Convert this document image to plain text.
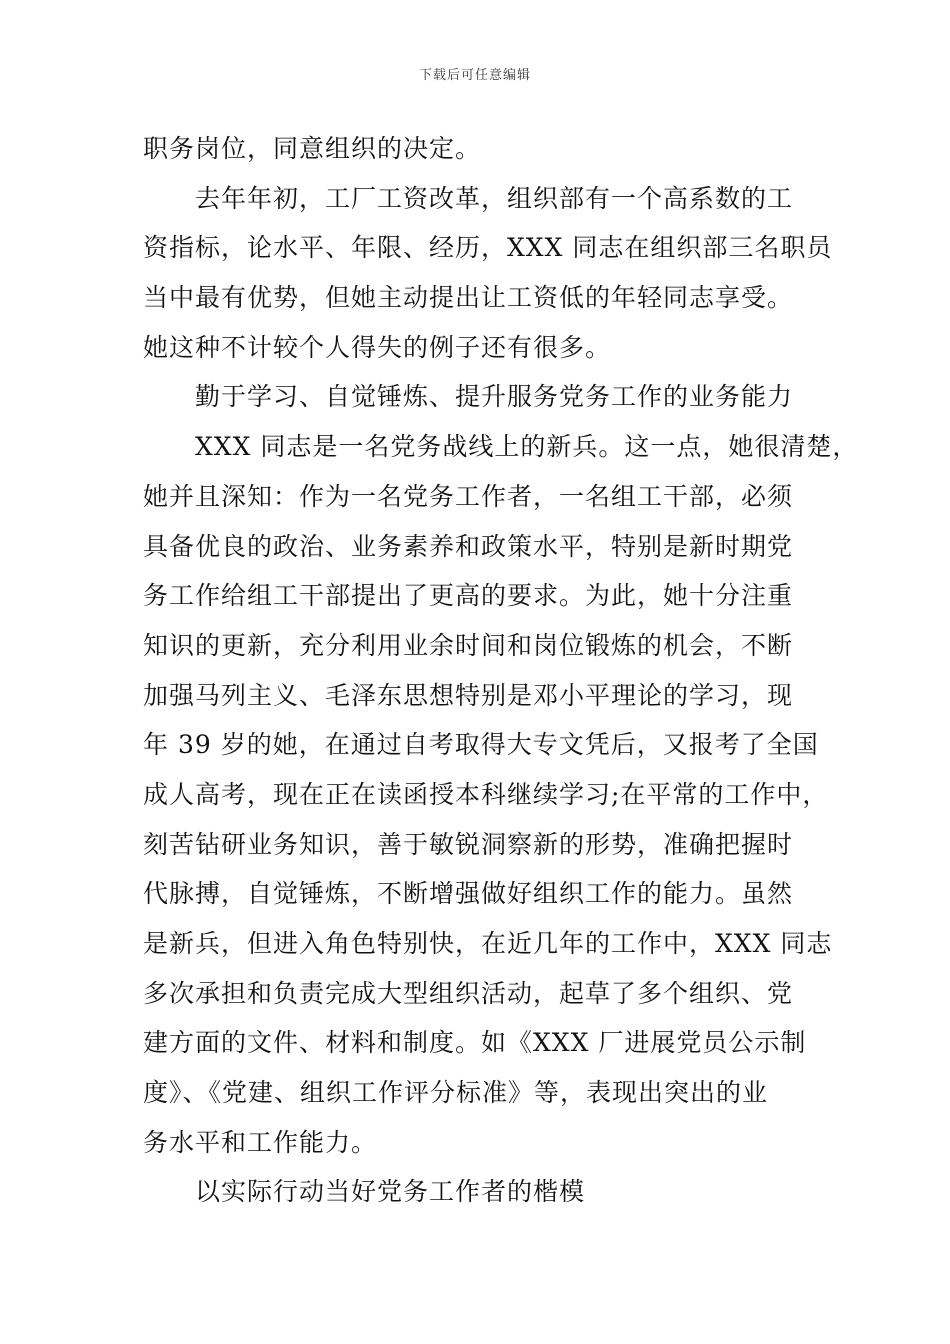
下载后可任意编辑
职务岗位，同意组织的决定。
去年年初，工厂工资改革，组织部有一个高系数的工
资指标，论水平、年限、经历，XXX 同志在组织部三名职员
当中最有优势，但她主动提出让工资低的年轻同志享受。
她这种不计较个人得失的例子还有很多。
勤于学习、自觉锤炼、提升服务党务工作的业务能力
XXX 同志是一名党务战线上的新兵。这一点，她很清楚，
她并且深知：作为一名党务工作者，一名组工干部，必须
具备优良的政治、业务素养和政策水平，特别是新时期党
务工作给组工干部提出了更高的要求。为此，她十分注重
知识的更新，充分利用业余时间和岗位锻炼的机会，不断
加强马列主义、毛泽东思想特别是邓小平理论的学习，现
年 39 岁的她，在通过自考取得大专文凭后，又报考了全国
成人高考，现在正在读函授本科继续学习;在平常的工作中，
刻苦钻研业务知识，善于敏锐洞察新的形势，准确把握时
代脉搏，自觉锤炼，不断增强做好组织工作的能力。虽然
是新兵，但进入角色特别快，在近几年的工作中，XXX 同志
多次承担和负责完成大型组织活动，起草了多个组织、党
建方面的文件、材料和制度。如《XXX 厂进展党员公示制
度》、《党建、组织工作评分标准》等，表现出突出的业
务水平和工作能力。
以实际行动当好党务工作者的楷模
